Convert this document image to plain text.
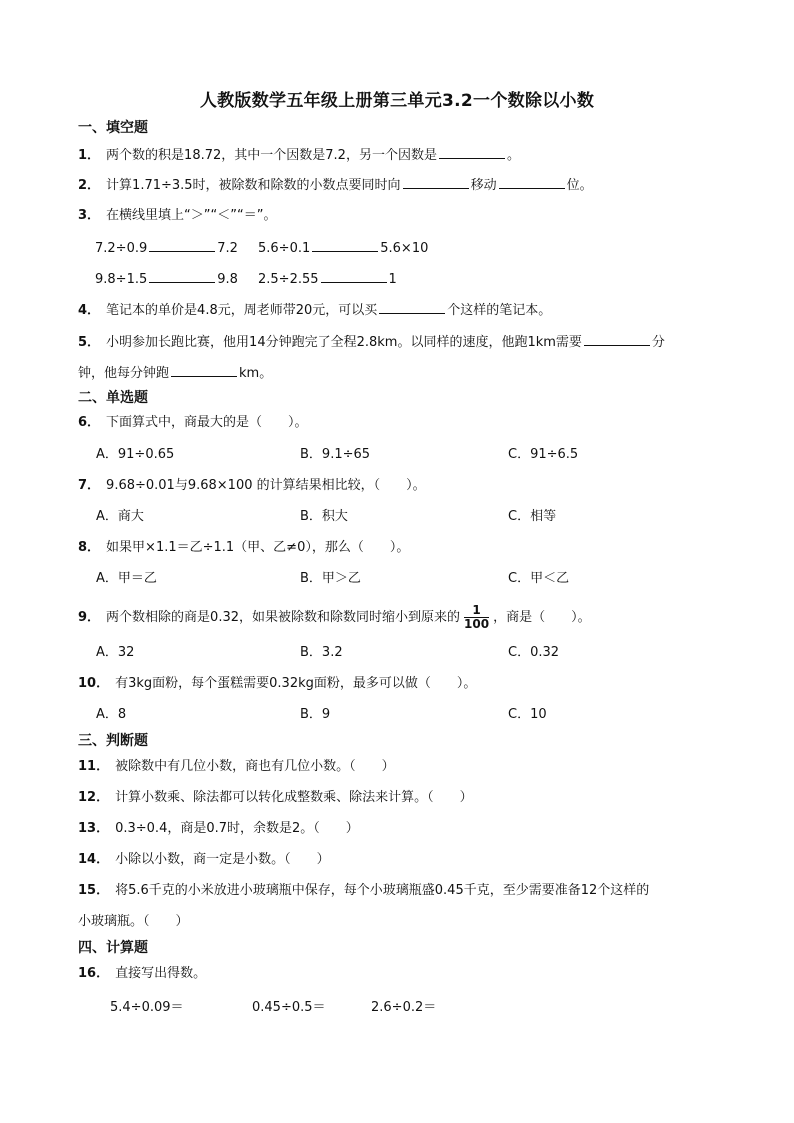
人教版数学五年级上册第三单元3.2一个数除以小数
一、填空题
1． 两个数的积是18.72，其中一个因数是7.2，另一个因数是	。
2． 计算1.71÷3.5时，被除数和除数的小数点要同时向	移动	位。
3． 在横线里填上“＞”“＜”“＝”。
7.2÷0.9	7.2 5.6÷0.1	5.6×10
9.8÷1.5	9.8 2.5÷2.55	1
4． 笔记本的单价是4.8元，周老师带20元，可以买	个这样的笔记本。
5． 小明参加长跑比赛，他用14分钟跑完了全程2.8km。以同样的速度，他跑1km需要	分
钟，他每分钟跑	km。
二、单选题
6． 下面算式中，商最大的是（　　）。
A．91÷0.65	B．9.1÷65	C．91÷6.5
7． 9.68÷0.01与9.68×100 的计算结果相比较，（　　）。
A．商大	B．积大	C．相等
8． 如果甲×1.1＝乙÷1.1（甲、乙≠0），那么（　　）。
A．甲＝乙	B．甲＞乙	C．甲＜乙
9． 两个数相除的商是0.32，如果被除数和除数同时缩小到原来的 $\frac{1}{100}$ ，商是（　　）。
A．32	B．3.2	C．0.32
10． 有3kg面粉，每个蛋糕需要0.32kg面粉，最多可以做（　　）。
A．8	B．9	C．10
三、判断题
11． 被除数中有几位小数，商也有几位小数。（　　）
12． 计算小数乘、除法都可以转化成整数乘、除法来计算。（　　）
13． 0.3÷0.4，商是0.7时，余数是2。（　　）
14． 小除以小数，商一定是小数。（　　）
15． 将5.6千克的小米放进小玻璃瓶中保存，每个小玻璃瓶盛0.45千克，至少需要准备12个这样的
小玻璃瓶。（　　）
四、计算题
16． 直接写出得数。
5.4÷0.09＝	0.45÷0.5＝	2.6÷0.2＝
